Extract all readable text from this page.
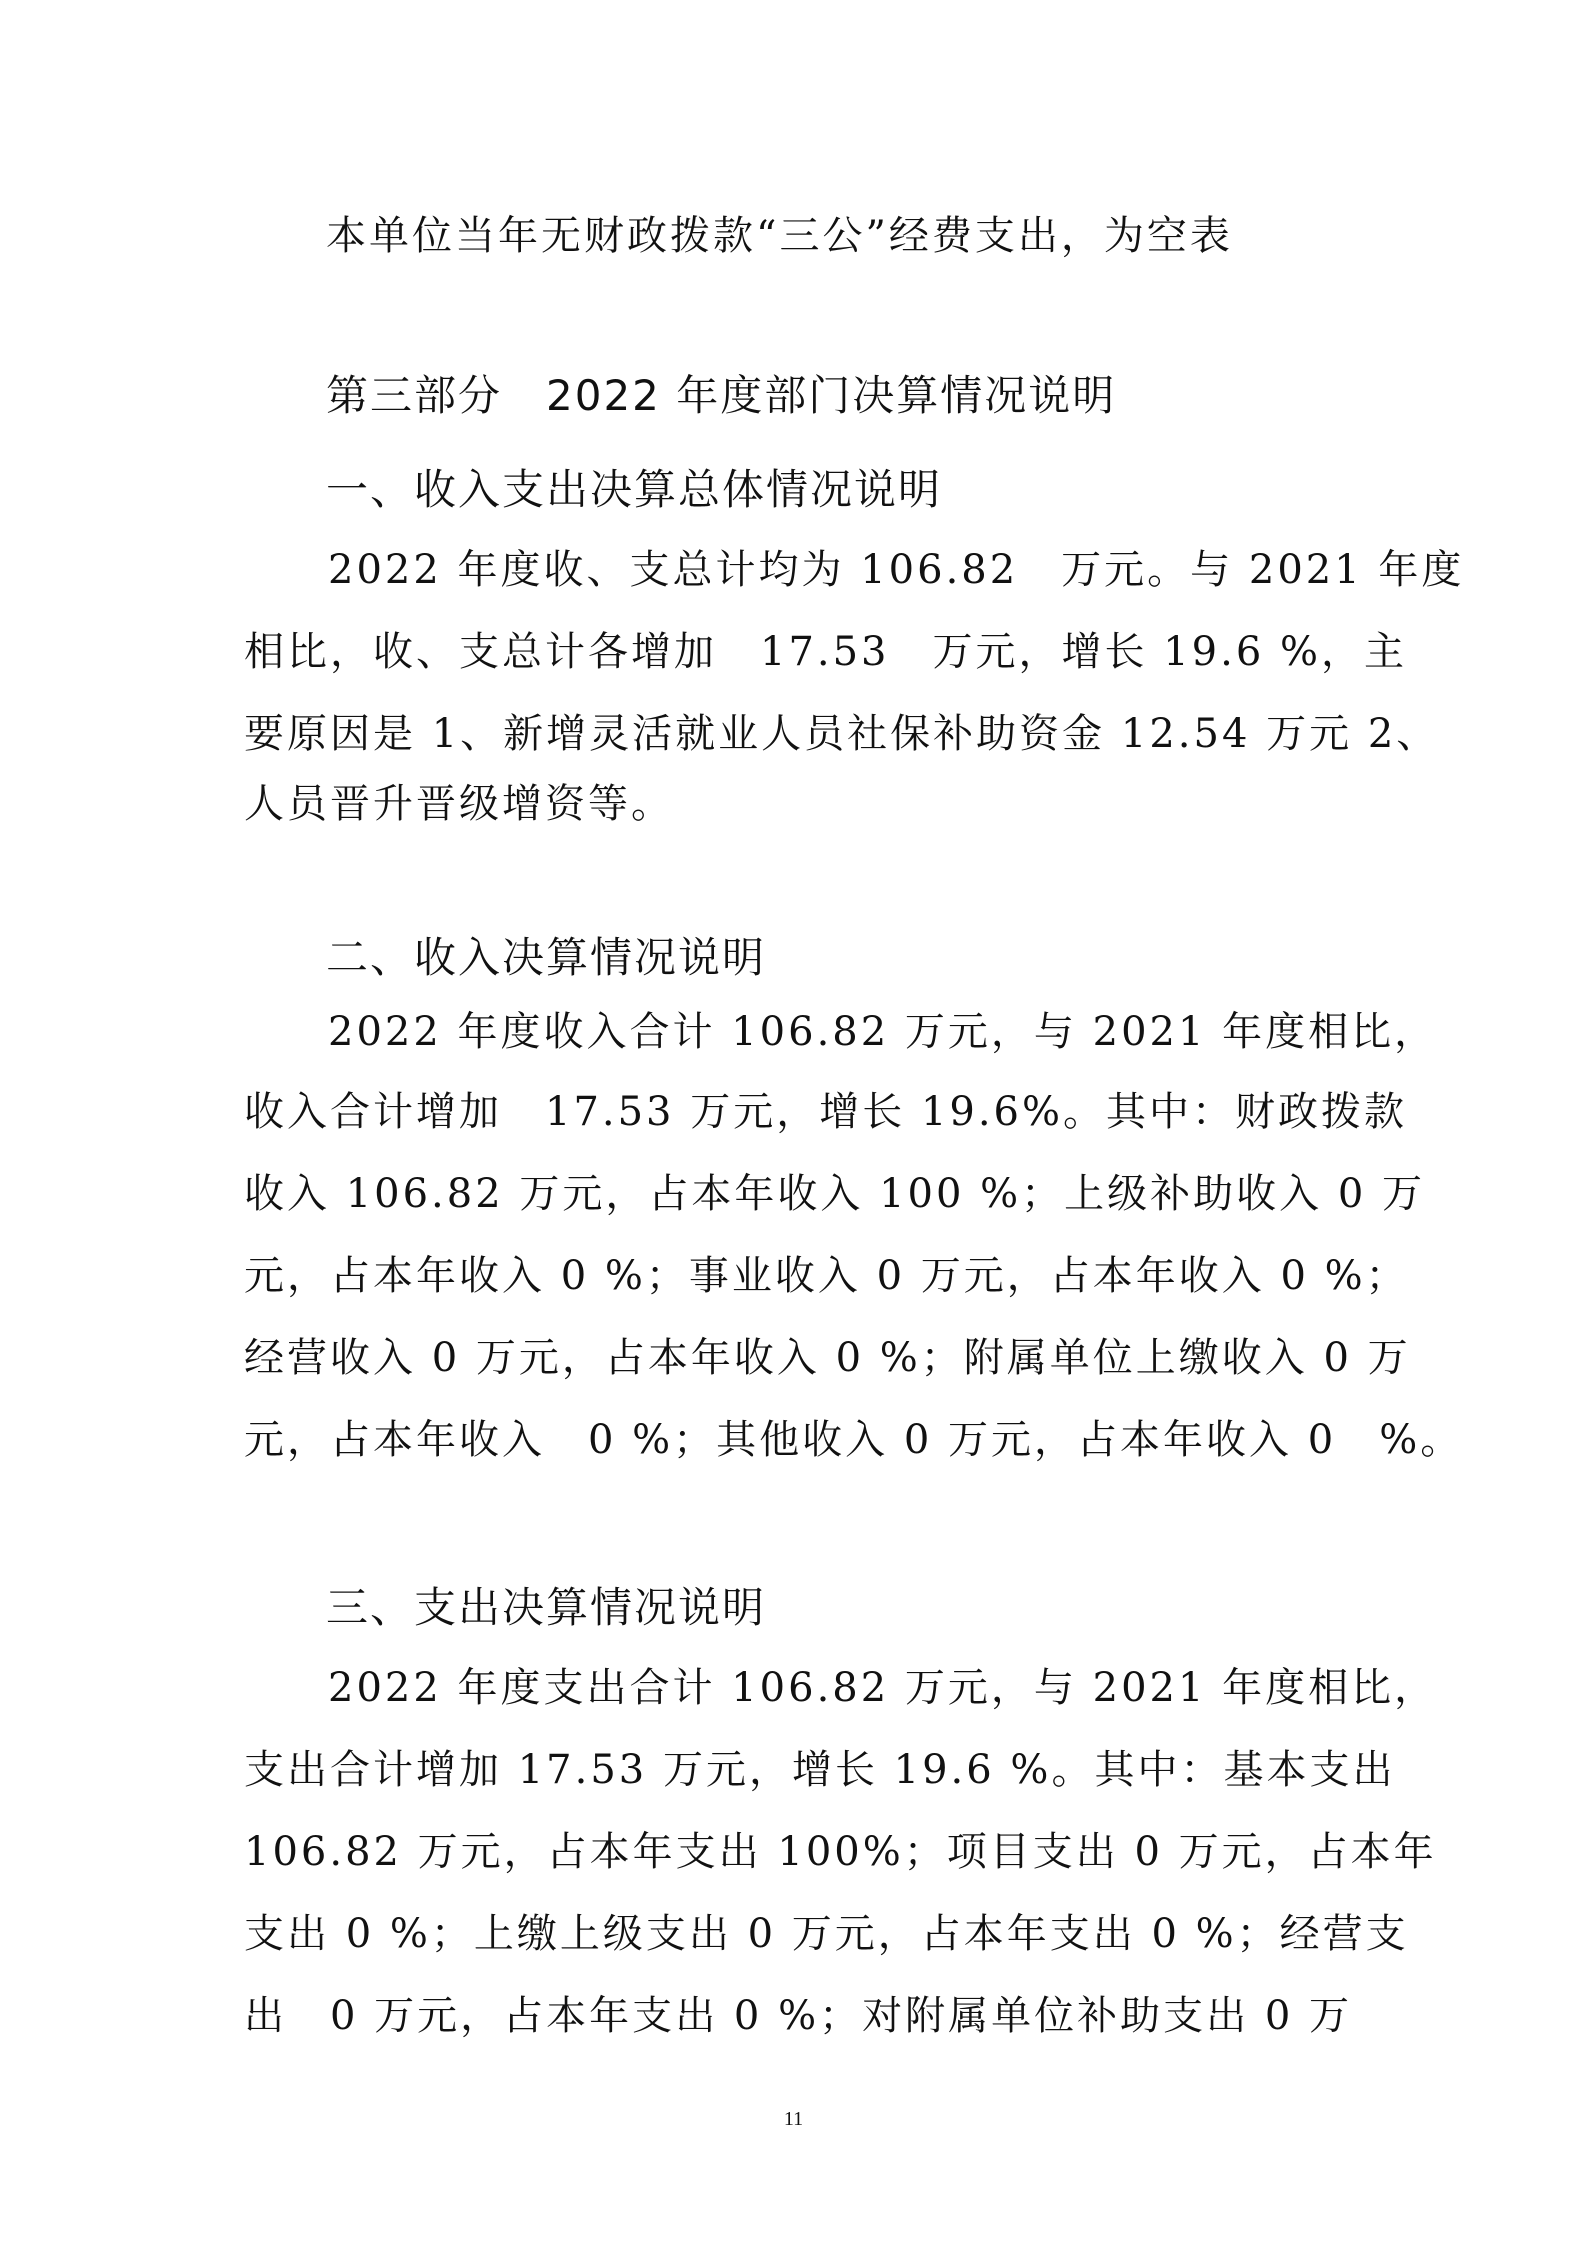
本单位当年无财政拨款“三公”经费支出，为空表
第三部分　2022 年度部门决算情况说明
一、收入支出决算总体情况说明
2022 年度收、支总计均为 106.82　万元。与 2021 年度
相比，收、支总计各增加　17.53　万元，增长 19.6 %，主
要原因是 1、新增灵活就业人员社保补助资金 12.54 万元 2、
人员晋升晋级增资等。
二、收入决算情况说明
2022 年度收入合计 106.82 万元，与 2021 年度相比，
收入合计增加　17.53 万元，增长 19.6%。其中：财政拨款
收入 106.82 万元，占本年收入 100 %；上级补助收入 0 万
元，占本年收入 0 %；事业收入 0 万元，占本年收入 0 %；
经营收入 0 万元，占本年收入 0 %；附属单位上缴收入 0 万
元，占本年收入　0 %；其他收入 0 万元，占本年收入 0　%。
三、支出决算情况说明
2022 年度支出合计 106.82 万元，与 2021 年度相比，
支出合计增加 17.53 万元，增长 19.6 %。其中：基本支出
106.82 万元，占本年支出 100%；项目支出 0 万元，占本年
支出 0 %；上缴上级支出 0 万元，占本年支出 0 %；经营支
出　0 万元，占本年支出 0 %；对附属单位补助支出 0 万
11
